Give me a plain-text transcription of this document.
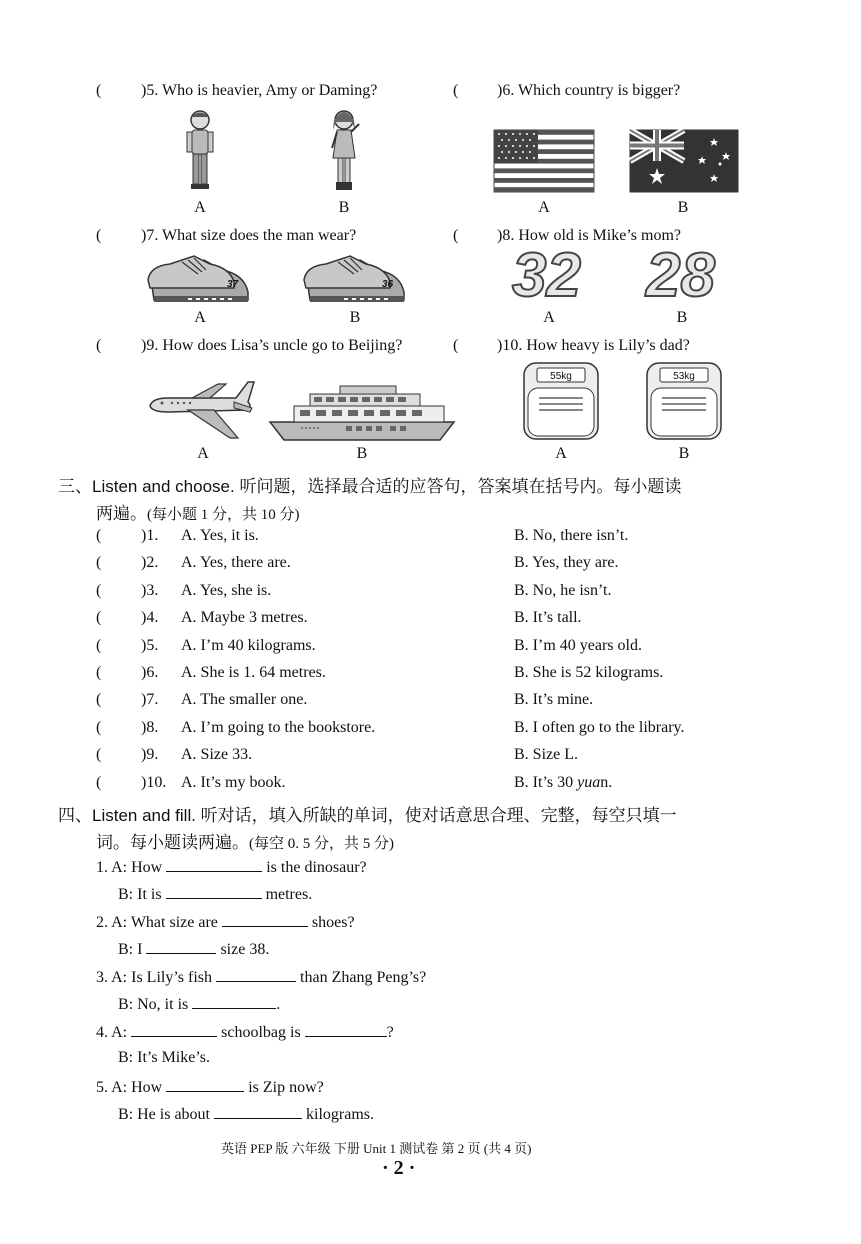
( )5. Who is heavier, Amy or Daming?	( )6. Which country is bigger?
A	B	A	B
( )7. What size does the man wear?	( )8. How old is Mike’s mom?
37	36
A	B
32 28
A	B
( )9. How does Lisa’s uncle go to Beijing?	( )10. How heavy is Lily’s dad?
A	B
55kg	53kg
A	B
三、Listen and choose. 听问题，选择最合适的应答句，答案填在括号内。每小题读
两遍。(每小题 1 分，共 10 分)
( )1. A. Yes, it is.	B. No, there isn’t.
( )2. A. Yes, there are.	B. Yes, they are.
( )3. A. Yes, she is.	B. No, he isn’t.
( )4. A. Maybe 3 metres.	B. It’s tall.
( )5. A. I’m 40 kilograms.	B. I’m 40 years old.
( )6. A. She is 1. 64 metres.	B. She is 52 kilograms.
( )7. A. The smaller one.	B. It’s mine.
( )8. A. I’m going to the bookstore.	B. I often go to the library.
( )9. A. Size 33.	B. Size L.
( )10. A. It’s my book.	B. It’s 30 yuan.
四、Listen and fill. 听对话，填入所缺的单词，使对话意思合理、完整，每空只填一
词。每小题读两遍。(每空 0. 5 分，共 5 分)
1. A: How	is the dinosaur?
B: It is	metres.
2. A: What size are	shoes?
B: I	size 38.
3. A: Is Lily’s fish	than Zhang Peng’s?
B: No, it is	.
4. A:	schoolbag is	?
B: It’s Mike’s.
5. A: How	is Zip now?
B: He is about	kilograms.
英语 PEP 版 六年级 下册 Unit 1 测试卷 第 2 页 (共 4 页)
· 2 ·
